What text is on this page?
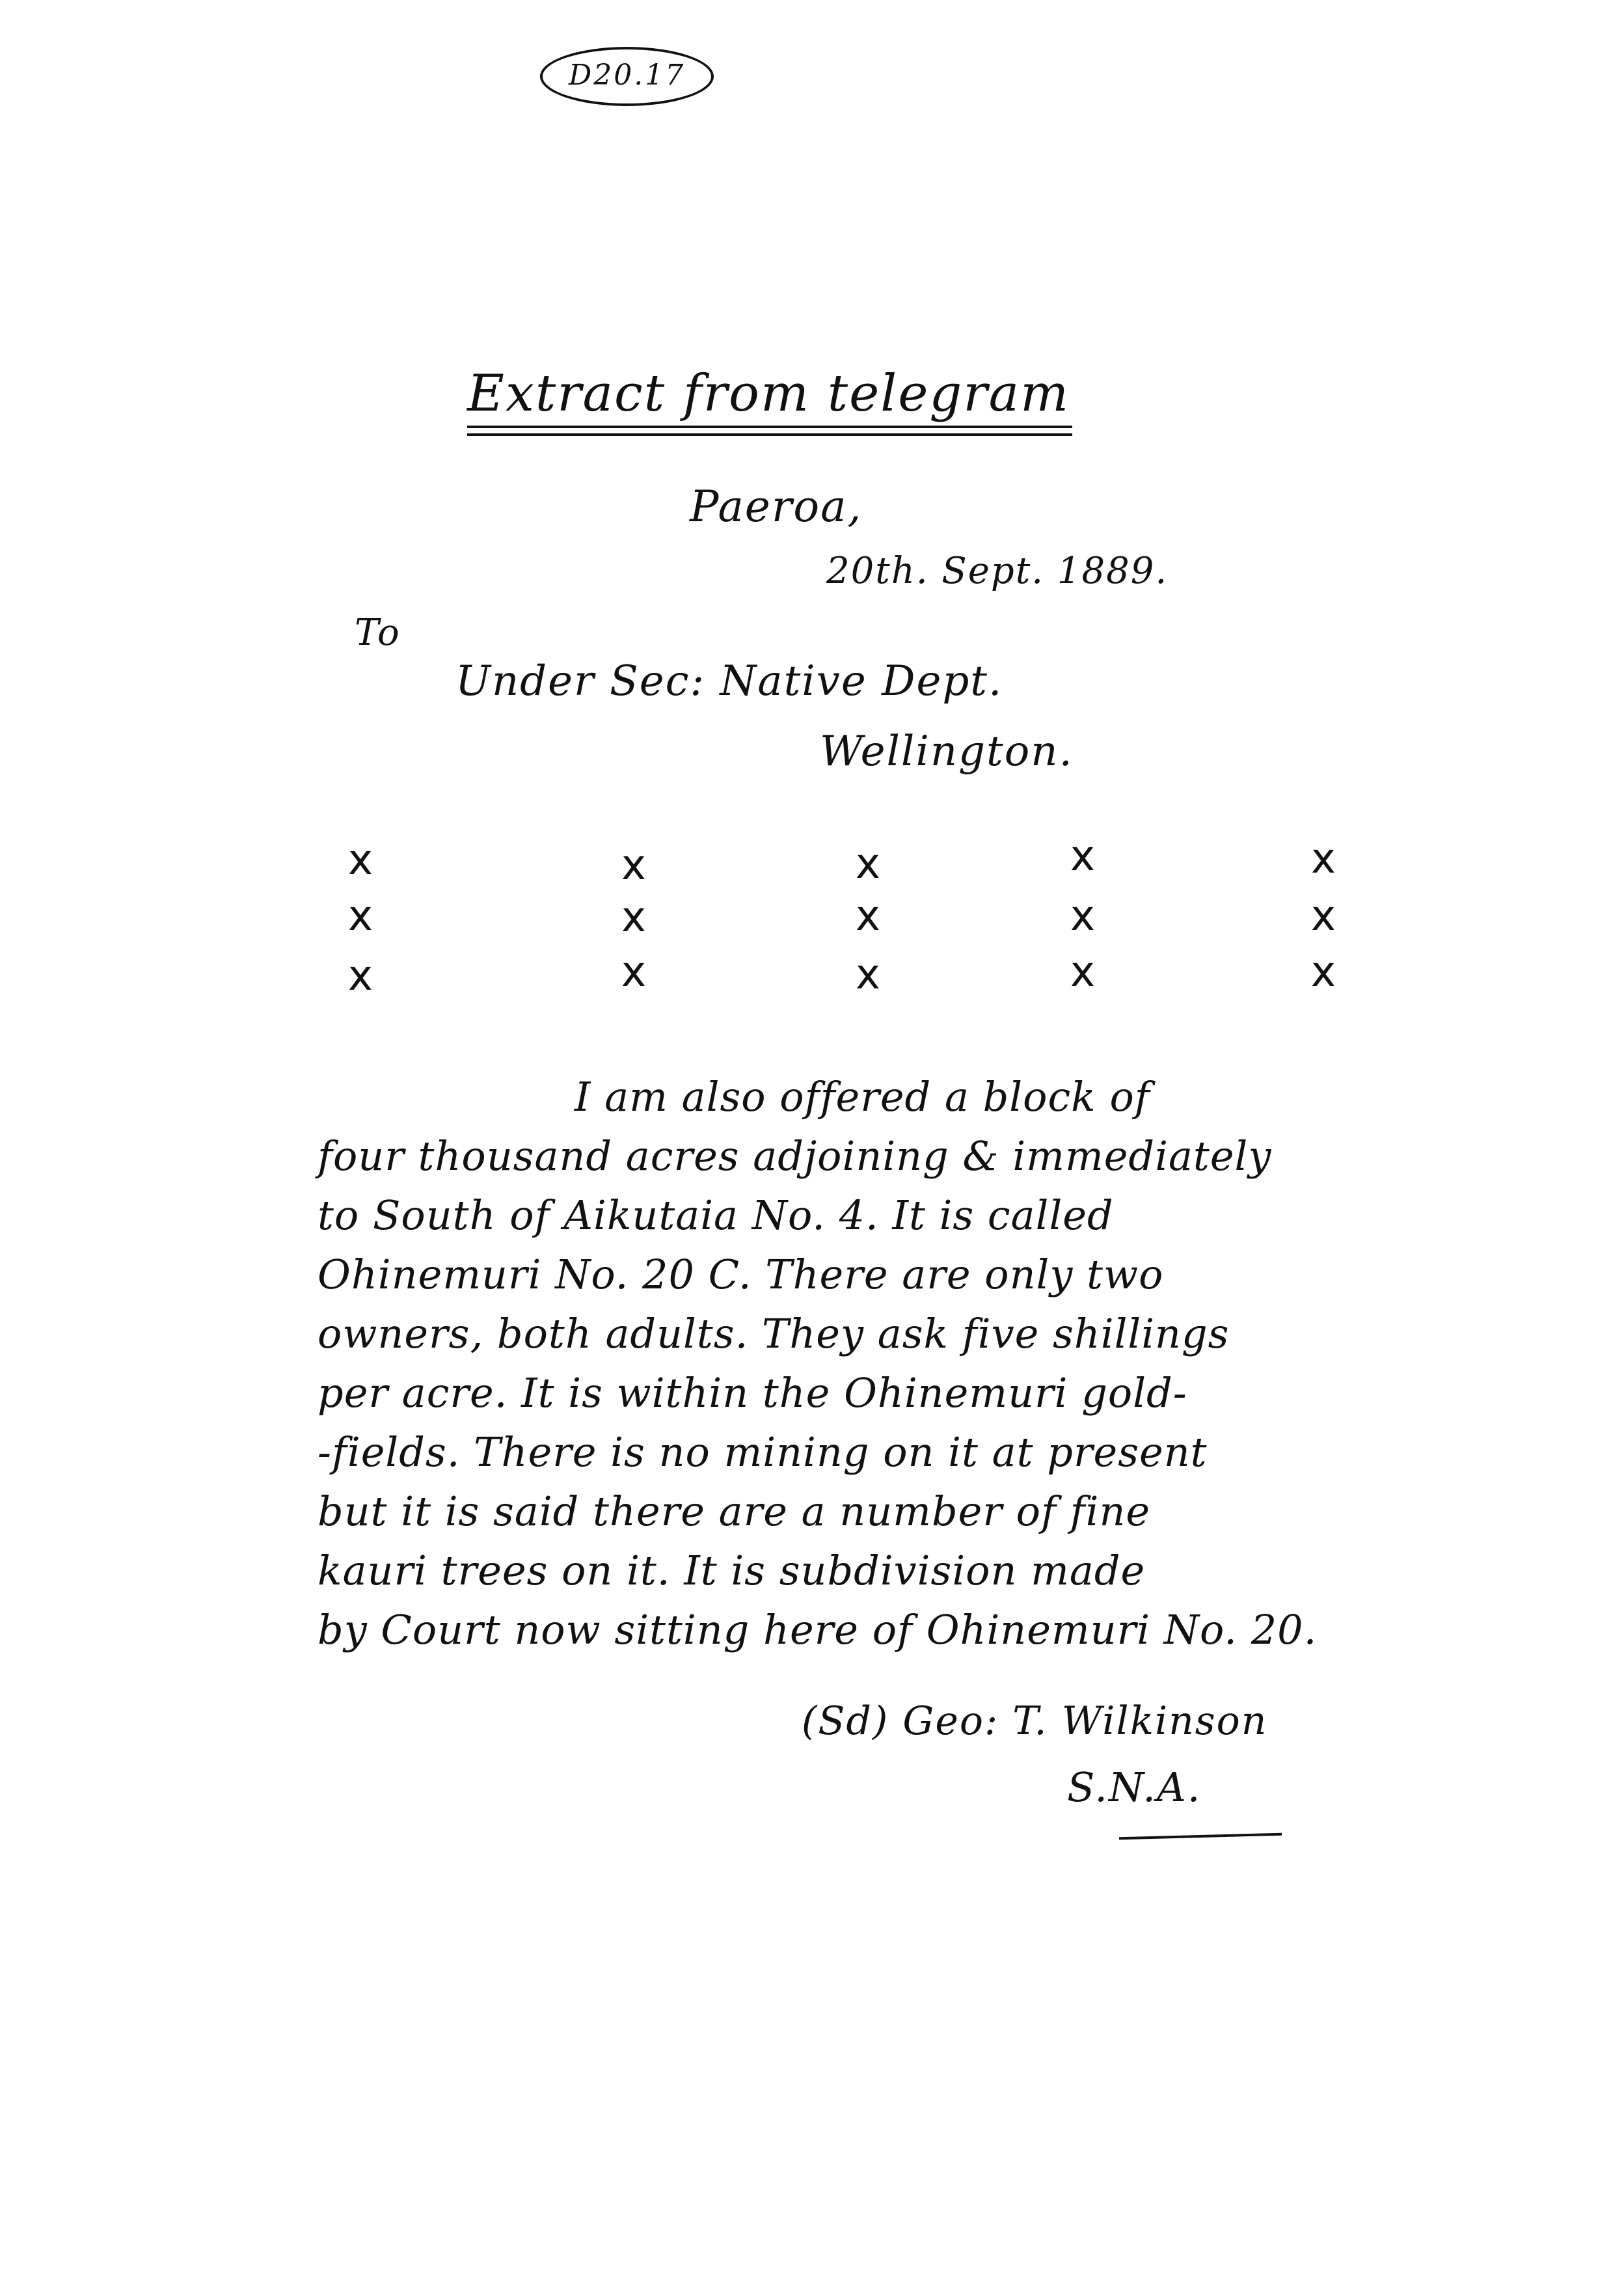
D20.17
Extract from telegram
Paeroa,
20th. Sept. 1889.
To
Under Sec: Native Dept.
Wellington.
x	x	x	x	x
x	x	x	x	x
x	x	x	x	x
I am also offered a block of
four thousand acres adjoining & immediately
to South of Aikutaia No. 4. It is called
Ohinemuri No. 20 C. There are only two
owners, both adults. They ask five shillings
per acre. It is within the Ohinemuri gold-
-fields. There is no mining on it at present
but it is said there are a number of fine
kauri trees on it. It is subdivision made
by Court now sitting here of Ohinemuri No. 20.
(Sd) Geo: T. Wilkinson
S.N.A.
